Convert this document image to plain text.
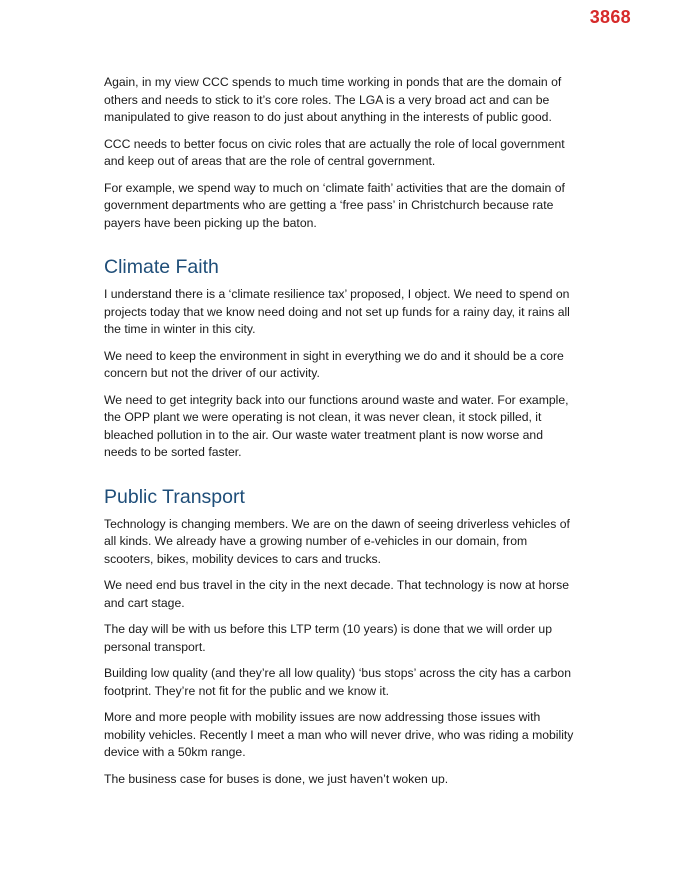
3868

Again, in my view CCC spends to much time working in ponds that are the domain of others and needs to stick to it’s core roles. The LGA is a very broad act and can be manipulated to give reason to do just about anything in the interests of public good.

CCC needs to better focus on civic roles that are actually the role of local government and keep out of areas that are the role of central government.

For example, we spend way to much on ‘climate faith’ activities that are the domain of government departments who are getting a ‘free pass’ in Christchurch because rate payers have been picking up the baton.

Climate Faith

I understand there is a ‘climate resilience tax’ proposed, I object. We need to spend on projects today that we know need doing and not set up funds for a rainy day, it rains all the time in winter in this city.

We need to keep the environment in sight in everything we do and it should be a core concern but not the driver of our activity.

We need to get integrity back into our functions around waste and water. For example, the OPP plant we were operating is not clean, it was never clean, it stock pilled, it bleached pollution in to the air. Our waste water treatment plant is now worse and needs to be sorted faster.

Public Transport

Technology is changing members. We are on the dawn of seeing driverless vehicles of all kinds. We already have a growing number of e-vehicles in our domain, from scooters, bikes, mobility devices to cars and trucks.

We need end bus travel in the city in the next decade. That technology is now at horse and cart stage.

The day will be with us before this LTP term (10 years) is done that we will order up personal transport.

Building low quality (and they’re all low quality) ‘bus stops’ across the city has a carbon footprint. They’re not fit for the public and we know it.

More and more people with mobility issues are now addressing those issues with mobility vehicles. Recently I meet a man who will never drive, who was riding a mobility device with a 50km range.

The business case for buses is done, we just haven’t woken up.
